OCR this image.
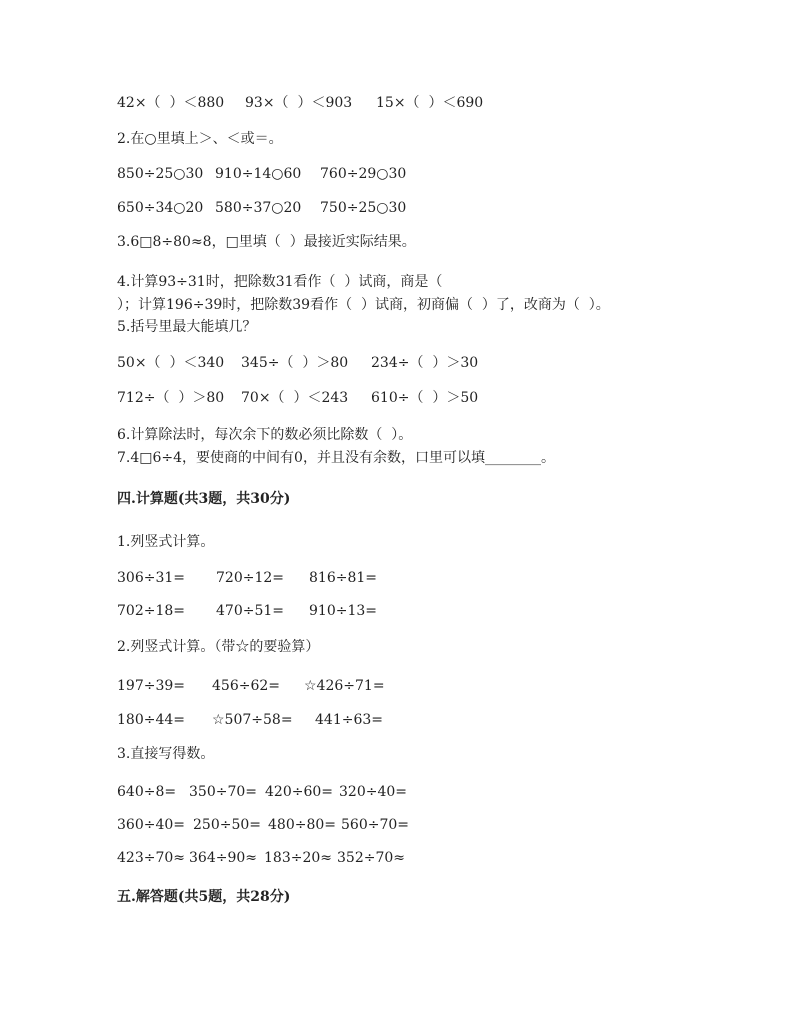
42×（  ）＜880 93×（  ）＜903 15×（  ）＜690
2.在○里填上＞、＜或＝。
850÷25○30 910÷14○60 760÷29○30
650÷34○20 580÷37○20 750÷25○30
3.6□8÷80≈8，□里填（  ）最接近实际结果。
4.计算93÷31时，把除数31看作（  ）试商，商是（
）；计算196÷39时，把除数39看作（  ）试商，初商偏（  ）了，改商为（  ）。
5.括号里最大能填几？
50×（  ）＜340 345÷（  ）＞80 234÷（  ）＞30
712÷（  ）＞80 70×（  ）＜243 610÷（  ）＞50
6.计算除法时，每次余下的数必须比除数（  ）。
7.4□6÷4，要使商的中间有0，并且没有余数，口里可以填________。
四.计算题(共3题，共30分)
1.列竖式计算。
306÷31= 720÷12= 816÷81=
702÷18= 470÷51= 910÷13=
2.列竖式计算。（带☆的要验算）
197÷39= 456÷62= ☆426÷71=
180÷44= ☆507÷58= 441÷63=
3.直接写得数。
640÷8= 350÷70= 420÷60= 320÷40=
360÷40= 250÷50= 480÷80= 560÷70=
423÷70≈ 364÷90≈ 183÷20≈ 352÷70≈
五.解答题(共5题，共28分)
